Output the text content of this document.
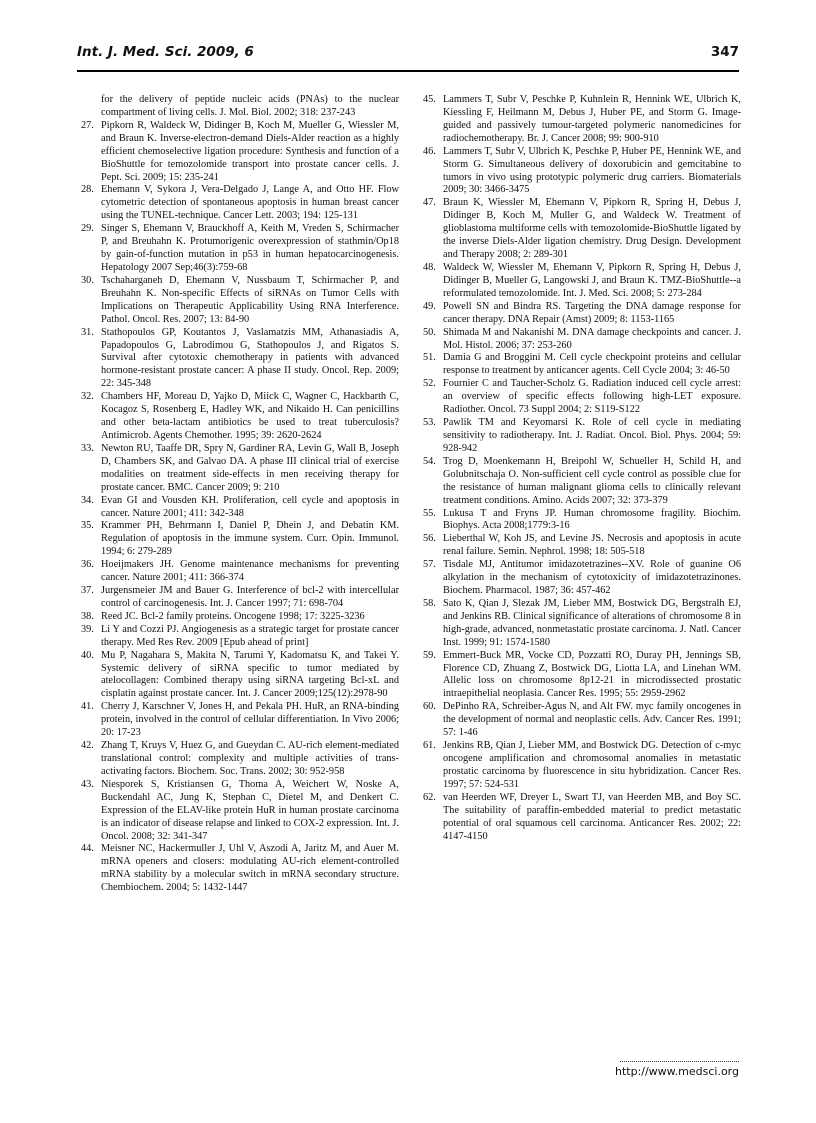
Int. J. Med. Sci. 2009, 6	347

for the delivery of peptide nucleic acids (PNAs) to the nuclear compartment of living cells. J. Mol. Biol. 2002; 318: 237-243

27. Pipkorn R, Waldeck W, Didinger B, Koch M, Mueller G, Wiessler M, and Braun K. Inverse-electron-demand Diels-Alder reaction as a highly efficient chemoselective ligation procedure: Synthesis and function of a BioShuttle for temozolomide transport into prostate cancer cells. J. Pept. Sci. 2009; 15: 235-241

28. Ehemann V, Sykora J, Vera-Delgado J, Lange A, and Otto HF. Flow cytometric detection of spontaneous apoptosis in human breast cancer using the TUNEL-technique. Cancer Lett. 2003; 194: 125-131

29. Singer S, Ehemann V, Brauckhoff A, Keith M, Vreden S, Schirmacher P, and Breuhahn K. Protumorigenic overexpression of stathmin/Op18 by gain-of-function mutation in p53 in human hepatocarcinogenesis. Hepatology 2007 Sep;46(3):759-68

30. Tschaharganeh D, Ehemann V, Nussbaum T, Schirmacher P, and Breuhahn K. Non-specific Effects of siRNAs on Tumor Cells with Implications on Therapeutic Applicability Using RNA Interference. Pathol. Oncol. Res. 2007; 13: 84-90

31. Stathopoulos GP, Koutantos J, Vaslamatzis MM, Athanasiadis A, Papadopoulos G, Labrodimou G, Stathopoulos J, and Rigatos S. Survival after cytotoxic chemotherapy in patients with advanced hormone-resistant prostate cancer: A phase II study. Oncol. Rep. 2009; 22: 345-348

32. Chambers HF, Moreau D, Yajko D, Miick C, Wagner C, Hackbarth C, Kocagoz S, Rosenberg E, Hadley WK, and Nikaido H. Can penicillins and other beta-lactam antibiotics be used to treat tuberculosis? Antimicrob. Agents Chemother. 1995; 39: 2620-2624

33. Newton RU, Taaffe DR, Spry N, Gardiner RA, Levin G, Wall B, Joseph D, Chambers SK, and Galvao DA. A phase III clinical trial of exercise modalities on treatment side-effects in men receiving therapy for prostate cancer. BMC. Cancer 2009; 9: 210

34. Evan GI and Vousden KH. Proliferation, cell cycle and apoptosis in cancer. Nature 2001; 411: 342-348

35. Krammer PH, Behrmann I, Daniel P, Dhein J, and Debatin KM. Regulation of apoptosis in the immune system. Curr. Opin. Immunol. 1994; 6: 279-289

36. Hoeijmakers JH. Genome maintenance mechanisms for preventing cancer. Nature 2001; 411: 366-374

37. Jurgensmeier JM and Bauer G. Interference of bcl-2 with intercellular control of carcinogenesis. Int. J. Cancer 1997; 71: 698-704

38. Reed JC. Bcl-2 family proteins. Oncogene 1998; 17: 3225-3236

39. Li Y and Cozzi PJ. Angiogenesis as a strategic target for prostate cancer therapy. Med Res Rev. 2009 [Epub ahead of print]

40. Mu P, Nagahara S, Makita N, Tarumi Y, Kadomatsu K, and Takei Y. Systemic delivery of siRNA specific to tumor mediated by atelocollagen: Combined therapy using siRNA targeting Bcl-xL and cisplatin against prostate cancer. Int. J. Cancer 2009;125(12):2978-90

41. Cherry J, Karschner V, Jones H, and Pekala PH. HuR, an RNA-binding protein, involved in the control of cellular differentiation. In Vivo 2006; 20: 17-23

42. Zhang T, Kruys V, Huez G, and Gueydan C. AU-rich element-mediated translational control: complexity and multiple activities of trans-activating factors. Biochem. Soc. Trans. 2002; 30: 952-958

43. Niesporek S, Kristiansen G, Thoma A, Weichert W, Noske A, Buckendahl AC, Jung K, Stephan C, Dietel M, and Denkert C. Expression of the ELAV-like protein HuR in human prostate carcinoma is an indicator of disease relapse and linked to COX-2 expression. Int. J. Oncol. 2008; 32: 341-347

44. Meisner NC, Hackermuller J, Uhl V, Aszodi A, Jaritz M, and Auer M. mRNA openers and closers: modulating AU-rich element-controlled mRNA stability by a molecular switch in mRNA secondary structure. Chembiochem. 2004; 5: 1432-1447

45. Lammers T, Subr V, Peschke P, Kuhnlein R, Hennink WE, Ulbrich K, Kiessling F, Heilmann M, Debus J, Huber PE, and Storm G. Image-guided and passively tumour-targeted polymeric nanomedicines for radiochemotherapy. Br. J. Cancer 2008; 99: 900-910

46. Lammers T, Subr V, Ulbrich K, Peschke P, Huber PE, Hennink WE, and Storm G. Simultaneous delivery of doxorubicin and gemcitabine to tumors in vivo using prototypic polymeric drug carriers. Biomaterials 2009; 30: 3466-3475

47. Braun K, Wiessler M, Ehemann V, Pipkorn R, Spring H, Debus J, Didinger B, Koch M, Muller G, and Waldeck W. Treatment of glioblastoma multiforme cells with temozolomide-BioShuttle ligated by the inverse Diels-Alder ligation chemistry. Drug Design. Development and Therapy 2008; 2: 289-301

48. Waldeck W, Wiessler M, Ehemann V, Pipkorn R, Spring H, Debus J, Didinger B, Mueller G, Langowski J, and Braun K. TMZ-BioShuttle--a reformulated temozolomide. Int. J. Med. Sci. 2008; 5: 273-284

49. Powell SN and Bindra RS. Targeting the DNA damage response for cancer therapy. DNA Repair (Amst) 2009; 8: 1153-1165

50. Shimada M and Nakanishi M. DNA damage checkpoints and cancer. J. Mol. Histol. 2006; 37: 253-260

51. Damia G and Broggini M. Cell cycle checkpoint proteins and cellular response to treatment by anticancer agents. Cell Cycle 2004; 3: 46-50

52. Fournier C and Taucher-Scholz G. Radiation induced cell cycle arrest: an overview of specific effects following high-LET exposure. Radiother. Oncol. 73 Suppl 2004; 2: S119-S122

53. Pawlik TM and Keyomarsi K. Role of cell cycle in mediating sensitivity to radiotherapy. Int. J. Radiat. Oncol. Biol. Phys. 2004; 59: 928-942

54. Trog D, Moenkemann H, Breipohl W, Schueller H, Schild H, and Golubnitschaja O. Non-sufficient cell cycle control as possible clue for the resistance of human malignant glioma cells to clinically relevant treatment conditions. Amino. Acids 2007; 32: 373-379

55. Lukusa T and Fryns JP. Human chromosome fragility. Biochim. Biophys. Acta 2008;1779:3-16

56. Lieberthal W, Koh JS, and Levine JS. Necrosis and apoptosis in acute renal failure. Semin. Nephrol. 1998; 18: 505-518

57. Tisdale MJ, Antitumor imidazotetrazines--XV. Role of guanine O6 alkylation in the mechanism of cytotoxicity of imidazotetrazinones. Biochem. Pharmacol. 1987; 36: 457-462

58. Sato K, Qian J, Slezak JM, Lieber MM, Bostwick DG, Bergstralh EJ, and Jenkins RB. Clinical significance of alterations of chromosome 8 in high-grade, advanced, nonmetastatic prostate carcinoma. J. Natl. Cancer Inst. 1999; 91: 1574-1580

59. Emmert-Buck MR, Vocke CD, Pozzatti RO, Duray PH, Jennings SB, Florence CD, Zhuang Z, Bostwick DG, Liotta LA, and Linehan WM. Allelic loss on chromosome 8p12-21 in microdissected prostatic intraepithelial neoplasia. Cancer Res. 1995; 55: 2959-2962

60. DePinho RA, Schreiber-Agus N, and Alt FW. myc family oncogenes in the development of normal and neoplastic cells. Adv. Cancer Res. 1991; 57: 1-46

61. Jenkins RB, Qian J, Lieber MM, and Bostwick DG. Detection of c-myc oncogene amplification and chromosomal anomalies in metastatic prostatic carcinoma by fluorescence in situ hybridization. Cancer Res. 1997; 57: 524-531

62. van Heerden WF, Dreyer L, Swart TJ, van Heerden MB, and Boy SC. The suitability of paraffin-embedded material to predict metastatic potential of oral squamous cell carcinoma. Anticancer Res. 2002; 22: 4147-4150

http://www.medsci.org
